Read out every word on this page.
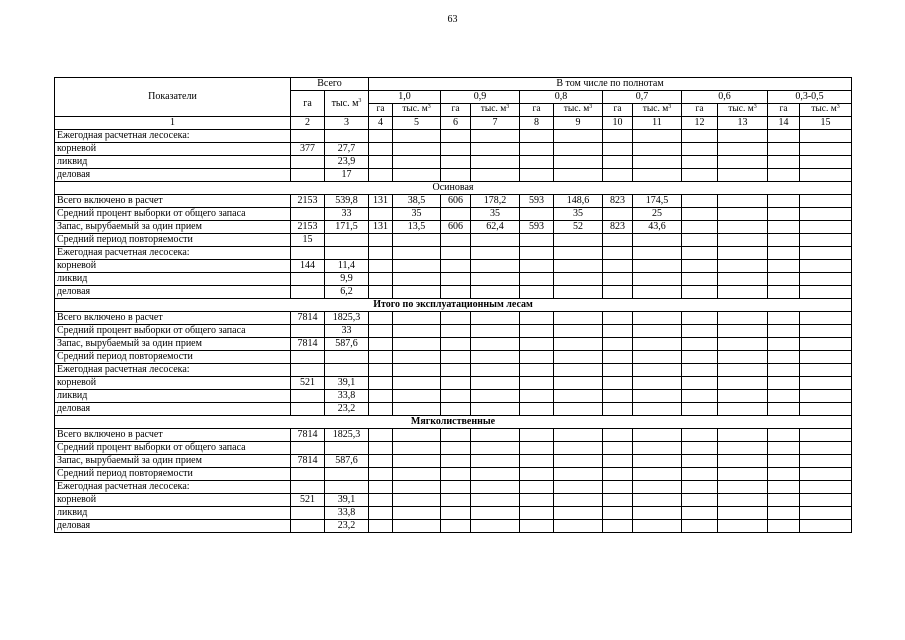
63
Показатели	Всего		В том числе по полнотам											
	га	тыс. $м^3$	1,0		0,9		0,8		0,7		0,6		0,3-0,5	
			га	тыс. $м^3$	га	тыс. $м^3$	га	тыс. $м^3$	га	тыс. $м^3$	га	тыс. $м^3$	га	тыс. $м^3$
1	2	3	4	5	6	7	8	9	10	11	12	13	14	15
Ежегодная расчетная лесосека:														
корневой	377	27,7												
ликвид		23,9												
деловая		17												
Осиновая														
Всего включено в расчет	2153	539,8	131	38,5	606	178,2	593	148,6	823	174,5				
Средний процент выборки от общего запаса		33		35		35		35		25				
Запас, вырубаемый за один прием	2153	171,5	131	13,5	606	62,4	593	52	823	43,6				
Средний период повторяемости	15													
Ежегодная расчетная лесосека:														
корневой	144	11,4												
ликвид		9,9												
деловая		6,2												
Итого по эксплуатационным лесам														
Всего включено в расчет	7814	1825,3												
Средний процент выборки от общего запаса		33												
Запас, вырубаемый за один прием	7814	587,6												
Средний период повторяемости														
Ежегодная расчетная лесосека:														
корневой	521	39,1												
ликвид		33,8												
деловая		23,2												
Мягколиственные														
Всего включено в расчет	7814	1825,3												
Средний процент выборки от общего запаса														
Запас, вырубаемый за один прием	7814	587,6												
Средний период повторяемости														
Ежегодная расчетная лесосека:														
корневой	521	39,1												
ликвид		33,8												
деловая		23,2												
